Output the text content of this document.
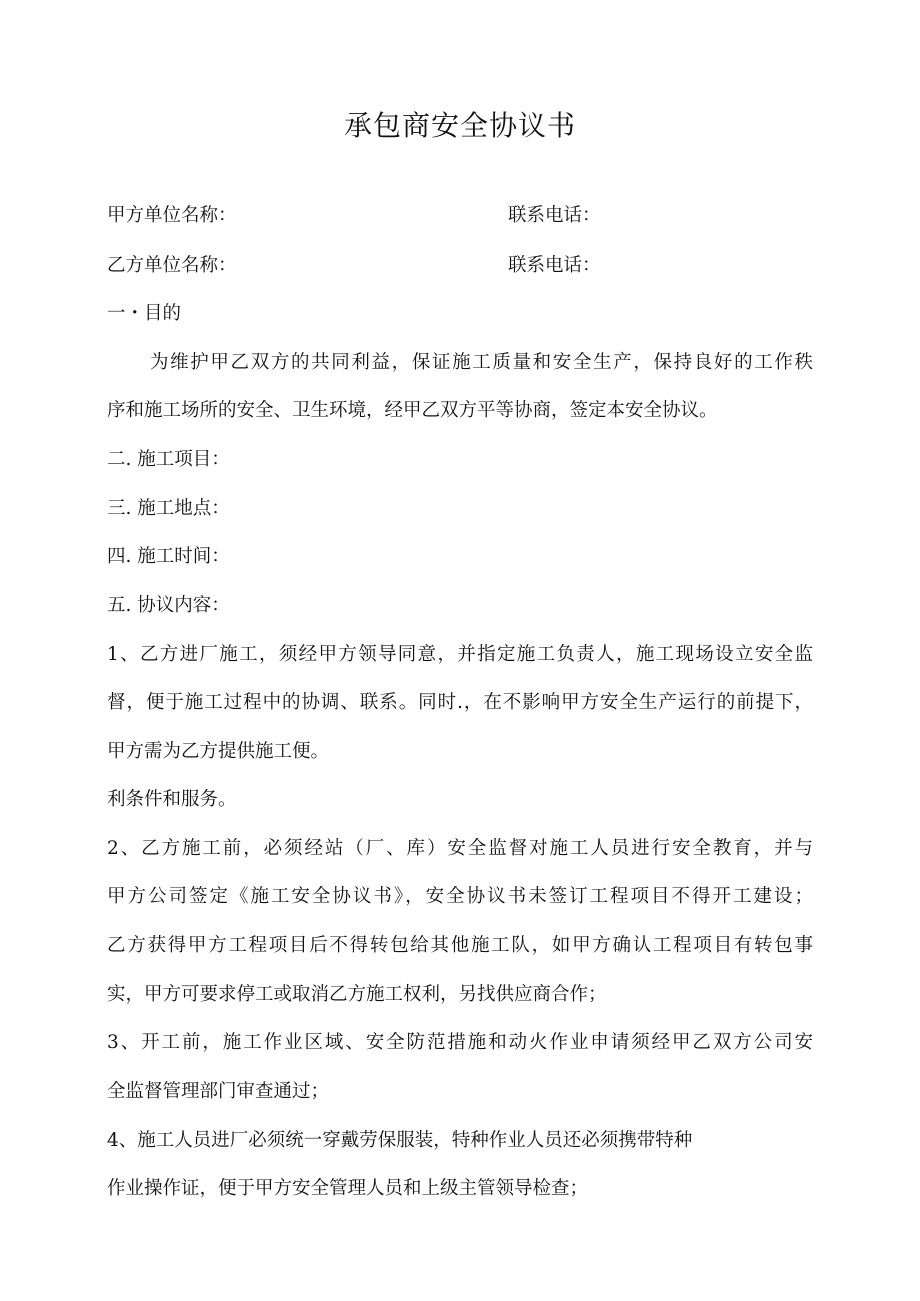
承包商安全协议书
甲方单位名称：	联系电话：
乙方单位名称：	联系电话：
一・目的
为维护甲乙双方的共同利益，保证施工质量和安全生产，保持良好的工作秩
序和施工场所的安全、卫生环境，经甲乙双方平等协商，签定本安全协议。
二. 施工项目：
三. 施工地点：
四. 施工时间：
五. 协议内容：
1、乙方进厂施工，须经甲方领导同意，并指定施工负责人，施工现场设立安全监
督，便于施工过程中的协调、联系。同时.，在不影响甲方安全生产运行的前提下，
甲方需为乙方提供施工便。
利条件和服务。
2、乙方施工前，必须经站（厂、库）安全监督对施工人员进行安全教育，并与
甲方公司签定《施工安全协议书》，安全协议书未签订工程项目不得开工建设；
乙方获得甲方工程项目后不得转包给其他施工队，如甲方确认工程项目有转包事
实，甲方可要求停工或取消乙方施工权利，另找供应商合作；
3、开工前，施工作业区域、安全防范措施和动火作业申请须经甲乙双方公司安
全监督管理部门审查通过；
4、施工人员进厂必须统一穿戴劳保服装，特种作业人员还必须携带特种
作业操作证，便于甲方安全管理人员和上级主管领导检查；
